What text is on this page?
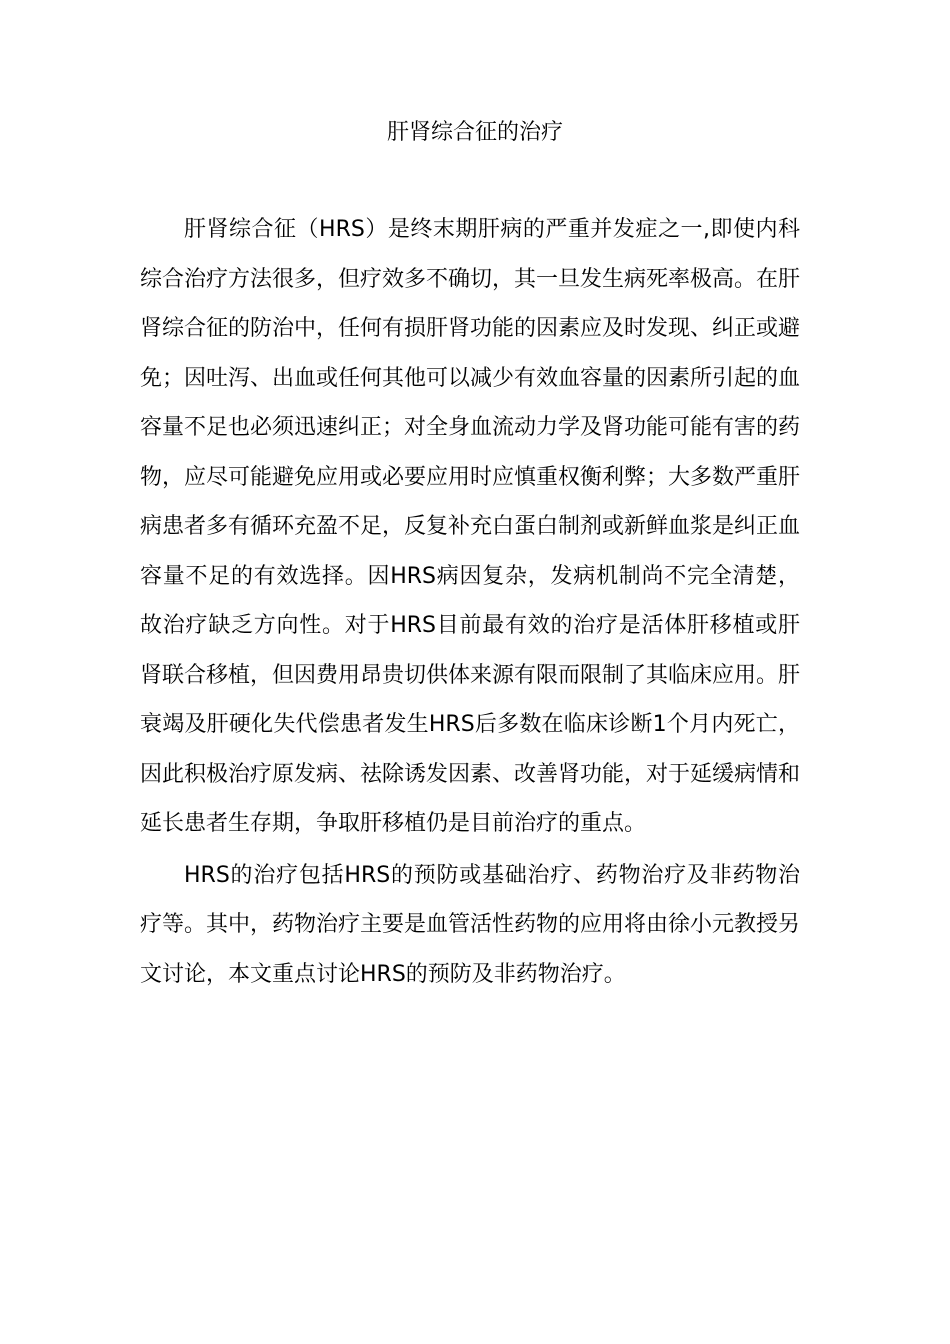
肝肾综合征的治疗

肝肾综合征（HRS）是终末期肝病的严重并发症之一,即使内科综合治疗方法很多，但疗效多不确切，其一旦发生病死率极高。在肝肾综合征的防治中，任何有损肝肾功能的因素应及时发现、纠正或避免；因吐泻、出血或任何其他可以减少有效血容量的因素所引起的血容量不足也必须迅速纠正；对全身血流动力学及肾功能可能有害的药物，应尽可能避免应用或必要应用时应慎重权衡利弊；大多数严重肝病患者多有循环充盈不足，反复补充白蛋白制剂或新鲜血浆是纠正血容量不足的有效选择。因HRS病因复杂，发病机制尚不完全清楚，故治疗缺乏方向性。对于HRS目前最有效的治疗是活体肝移植或肝肾联合移植，但因费用昂贵切供体来源有限而限制了其临床应用。肝衰竭及肝硬化失代偿患者发生HRS后多数在临床诊断1个月内死亡，因此积极治疗原发病、祛除诱发因素、改善肾功能，对于延缓病情和延长患者生存期，争取肝移植仍是目前治疗的重点。

HRS的治疗包括HRS的预防或基础治疗、药物治疗及非药物治疗等。其中，药物治疗主要是血管活性药物的应用将由徐小元教授另文讨论，本文重点讨论HRS的预防及非药物治疗。
